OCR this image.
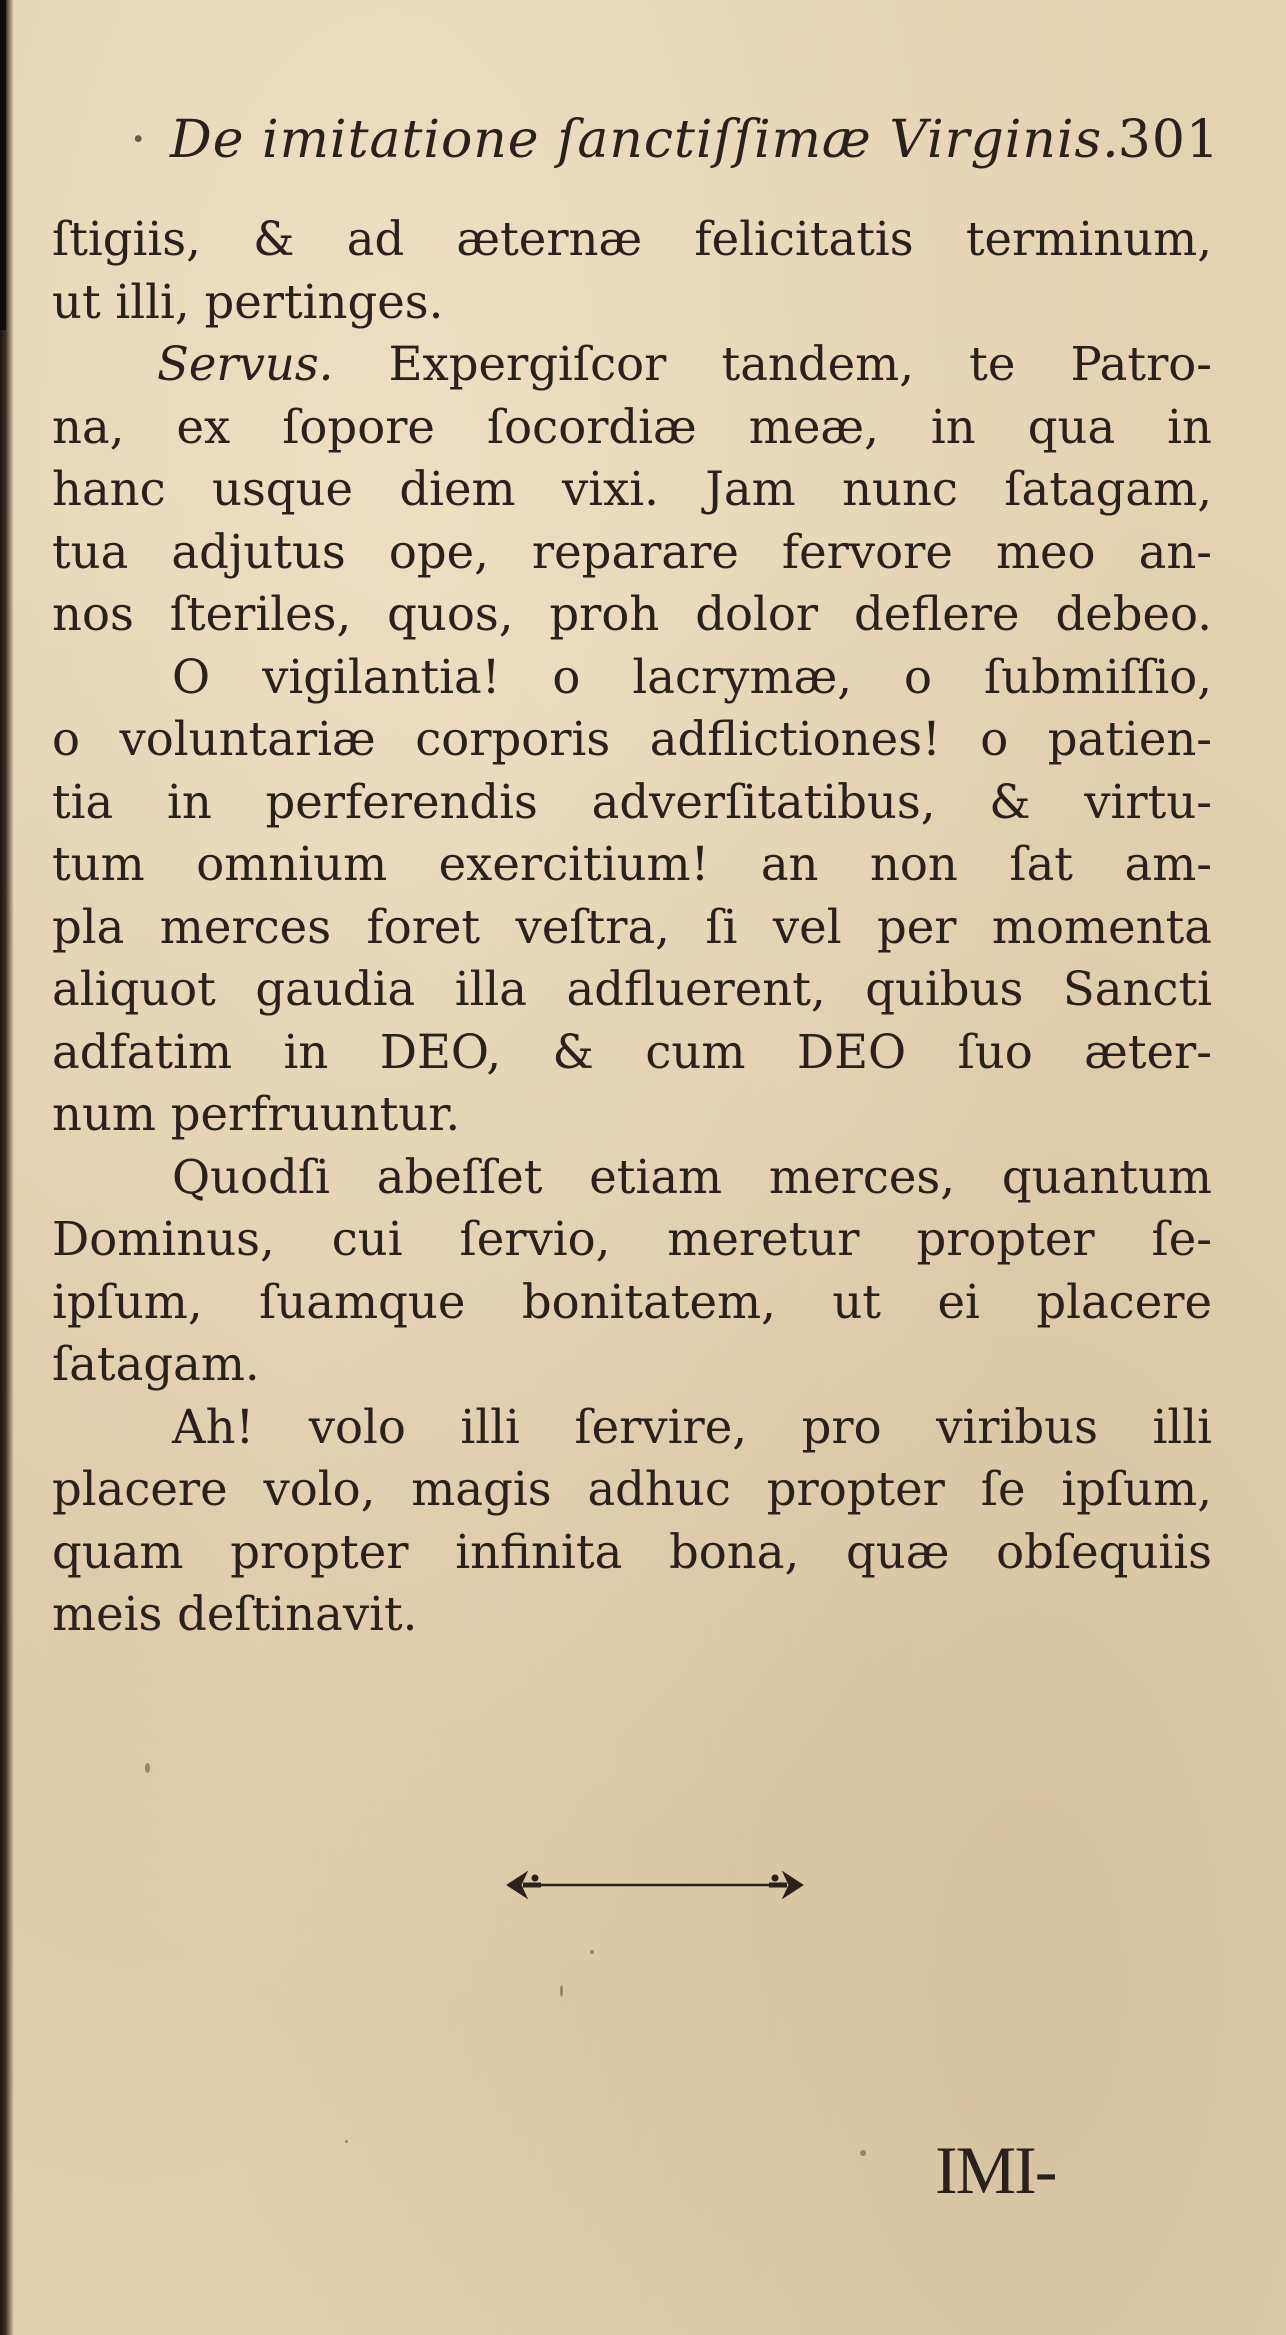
· De imitatione ſanctiſſimæ Virginis.
301
ſtigiis, & ad æternæ felicitatis terminum,
ut illi, pertinges.
Servus. Expergiſcor tandem, te Patro-
na, ex ſopore ſocordiæ meæ, in qua in
hanc usque diem vixi. Jam nunc ſatagam,
tua adjutus ope, reparare fervore meo an-
nos ſteriles, quos, proh dolor deflere debeo.
O vigilantia! o lacrymæ, o ſubmiſſio,
o voluntariæ corporis adflictiones! o patien-
tia in perferendis adverſitatibus, & virtu-
tum omnium exercitium! an non ſat am-
pla merces foret veſtra, ſi vel per momenta
aliquot gaudia illa adfluerent, quibus Sancti
adfatim in DEO, & cum DEO ſuo æter-
num perfruuntur.
Quodſi abeſſet etiam merces, quantum
Dominus, cui ſervio, meretur propter ſe-
ipſum, ſuamque bonitatem, ut ei placere
ſatagam.
Ah! volo illi ſervire, pro viribus illi
placere volo, magis adhuc propter ſe ipſum,
quam propter infinita bona, quæ obſequiis
meis deſtinavit.
IMI-
